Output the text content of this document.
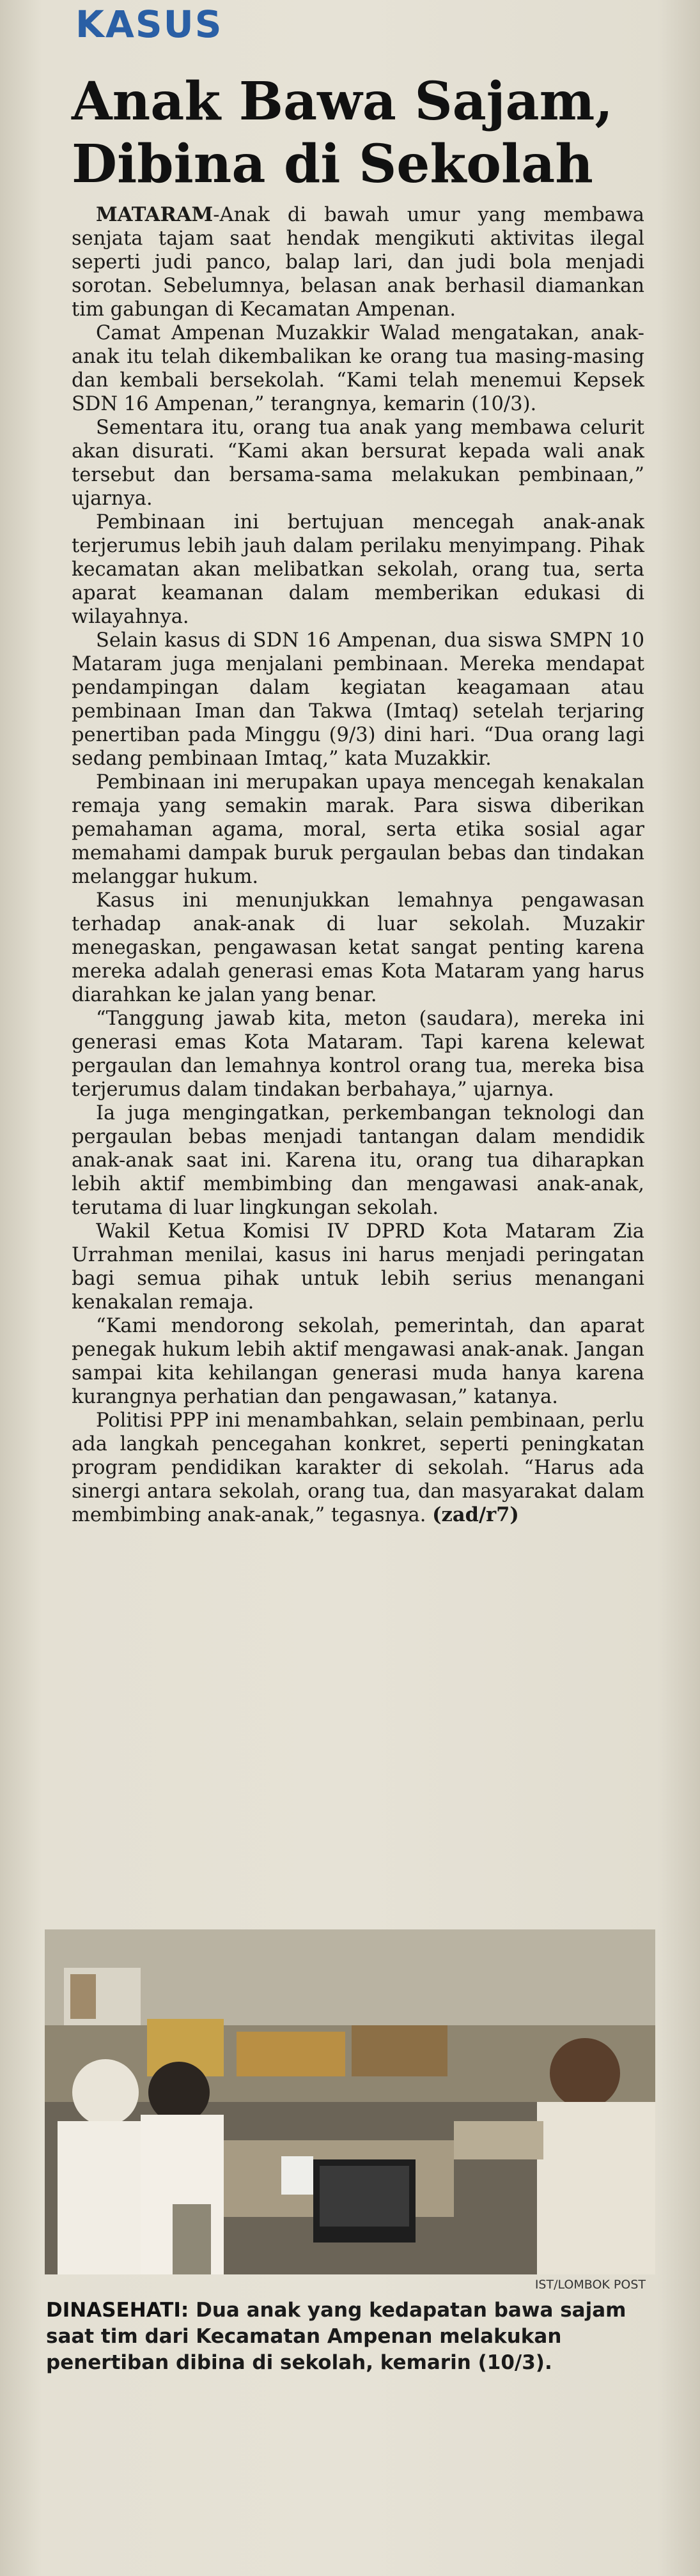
KASUS
Anak Bawa Sajam, Dibina di Sekolah

MATARAM-Anak di bawah umur yang membawa senjata tajam saat hendak mengikuti aktivitas ilegal seperti judi panco, balap lari, dan judi bola menjadi sorotan. Sebelumnya, belasan anak berhasil diamankan tim gabungan di Kecamatan Ampenan.

Camat Ampenan Muzakkir Walad mengatakan, anak-anak itu telah dikembalikan ke orang tua masing-masing dan kembali bersekolah. “Kami telah menemui Kepsek SDN 16 Ampenan,” terangnya, kemarin (10/3).

Sementara itu, orang tua anak yang membawa celurit akan disurati. “Kami akan bersurat kepada wali anak tersebut dan bersama-sama melakukan pembinaan,” ujarnya.

Pembinaan ini bertujuan mencegah anak-anak terjerumus lebih jauh dalam perilaku menyimpang. Pihak kecamatan akan melibatkan sekolah, orang tua, serta aparat keamanan dalam memberikan edukasi di wilayahnya.

Selain kasus di SDN 16 Ampenan, dua siswa SMPN 10 Mataram juga menjalani pembinaan. Mereka mendapat pendampingan dalam kegiatan keagamaan atau pembinaan Iman dan Takwa (Imtaq) setelah terjaring penertiban pada Minggu (9/3) dini hari. “Dua orang lagi sedang pembinaan Imtaq,” kata Muzakkir.

Pembinaan ini merupakan upaya mencegah kenakalan remaja yang semakin marak. Para siswa diberikan pemahaman agama, moral, serta etika sosial agar memahami dampak buruk pergaulan bebas dan tindakan melanggar hukum.

Kasus ini menunjukkan lemahnya pengawasan terhadap anak-anak di luar sekolah. Muzakir menegaskan, pengawasan ketat sangat penting karena mereka adalah generasi emas Kota Mataram yang harus diarahkan ke jalan yang benar.

“Tanggung jawab kita, meton (saudara), mereka ini generasi emas Kota Mataram. Tapi karena kelewat pergaulan dan lemahnya kontrol orang tua, mereka bisa terjerumus dalam tindakan berbahaya,” ujarnya.

Ia juga mengingatkan, perkembangan teknologi dan pergaulan bebas menjadi tantangan dalam mendidik anak-anak saat ini. Karena itu, orang tua diharapkan lebih aktif membimbing dan mengawasi anak-anak, terutama di luar lingkungan sekolah.

Wakil Ketua Komisi IV DPRD Kota Mataram Zia Urrahman menilai, kasus ini harus menjadi peringatan bagi semua pihak untuk lebih serius menangani kenakalan remaja.

“Kami mendorong sekolah, pemerintah, dan aparat penegak hukum lebih aktif mengawasi anak-anak. Jangan sampai kita kehilangan generasi muda hanya karena kurangnya perhatian dan pengawasan,” katanya.

Politisi PPP ini menambahkan, selain pembinaan, perlu ada langkah pencegahan konkret, seperti peningkatan program pendidikan karakter di sekolah. “Harus ada sinergi antara sekolah, orang tua, dan masyarakat dalam membimbing anak-anak,” tegasnya. (zad/r7)

IST/LOMBOK POST
DINASEHATI: Dua anak yang kedapatan bawa sajam saat tim dari Kecamatan Ampenan melakukan penertiban dibina di sekolah, kemarin (10/3).
